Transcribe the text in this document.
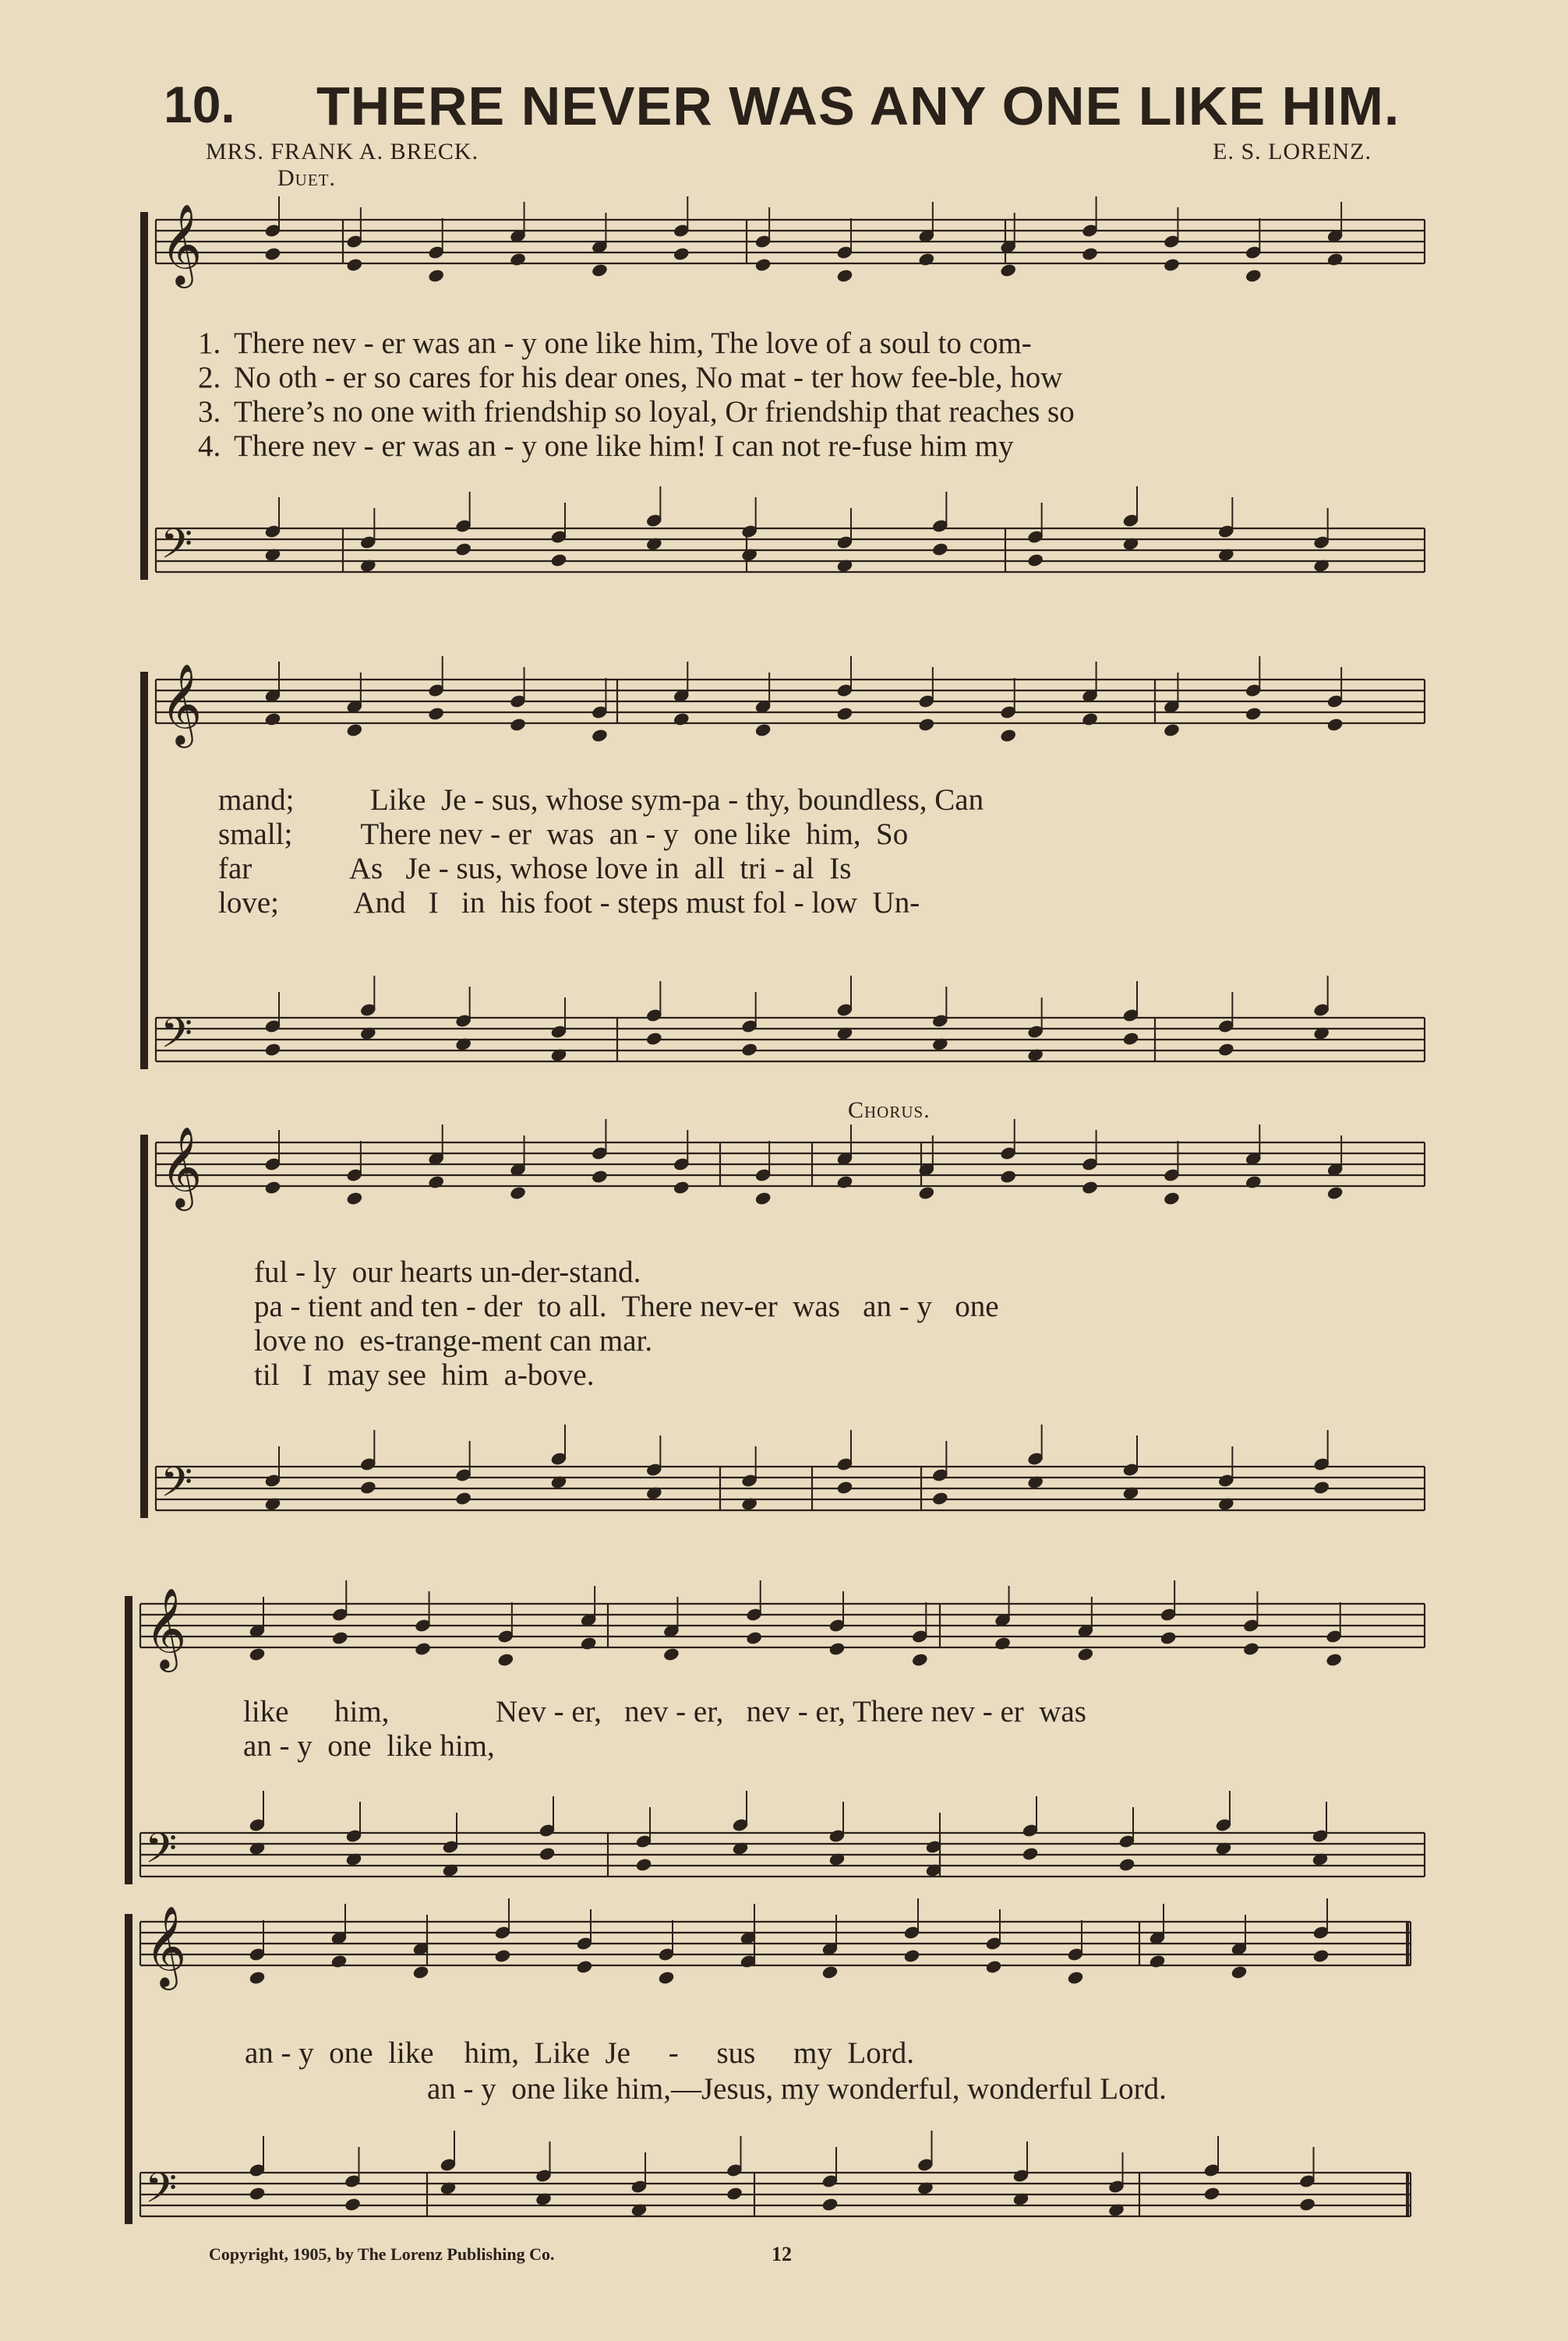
𝄞
𝄢
𝄞
𝄢
𝄞
𝄢
𝄞
𝄢
𝄞
𝄢
10. THERE NEVER WAS ANY ONE LIKE HIM.
MRS. FRANK A. BRECK.	E. S. LORENZ.
Duet.
1. There nev - er was an - y one like him, The love of a soul to com-
2. No oth - er so cares for his dear ones, No mat - ter how fee-ble, how
3. There’s no one with friendship so loyal, Or friendship that reaches so
4. There nev - er was an - y one like him! I can not re-fuse him my
mand;          Like  Je - sus, whose sym-pa - thy, boundless, Can
small;         There nev - er  was  an - y  one like  him,  So
far             As   Je - sus, whose love in  all  tri - al  Is
love;          And   I   in  his foot - steps must fol - low  Un-
Chorus.
ful - ly  our hearts un-der-stand.
pa - tient and ten - der  to all.  There nev-er  was   an - y   one
love no  es-trange-ment can mar.
til   I  may see  him  a-bove.
like      him,              Nev - er,   nev - er,   nev - er, There nev - er  was
an - y  one  like him,
an - y  one  like    him,  Like  Je     -     sus     my  Lord.
an - y  one like him,—Jesus, my wonderful, wonderful Lord.
Copyright, 1905, by The Lorenz Publishing Co.	12
